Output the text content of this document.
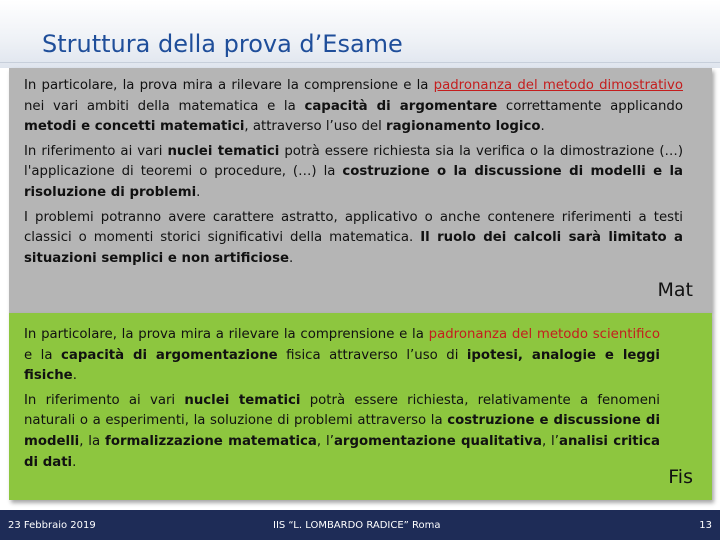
Struttura della prova d’Esame

In particolare, la prova mira a rilevare la comprensione e la padronanza del metodo dimostrativo nei vari ambiti della matematica e la capacità di argomentare correttamente applicando metodi e concetti matematici, attraverso l’uso del ragionamento logico.

In riferimento ai vari nuclei tematici potrà essere richiesta sia la verifica o la dimostrazione (…) l'applicazione di teoremi o procedure, (…) la costruzione o la discussione di modelli e la risoluzione di problemi.

I problemi potranno avere carattere astratto, applicativo o anche contenere riferimenti a testi classici o momenti storici significativi della matematica. Il ruolo dei calcoli sarà limitato a situazioni semplici e non artificiose.

Mat

In particolare, la prova mira a rilevare la comprensione e la padronanza del metodo scientifico e la capacità di argomentazione fisica attraverso l’uso di ipotesi, analogie e leggi fisiche.

In riferimento ai vari nuclei tematici potrà essere richiesta, relativamente a fenomeni naturali o a esperimenti, la soluzione di problemi attraverso la costruzione e discussione di modelli, la formalizzazione matematica, l’argomentazione qualitativa, l’analisi critica di dati.

Fis
23 Febbraio 2019	IIS “L. LOMBARDO RADICE” Roma	13
